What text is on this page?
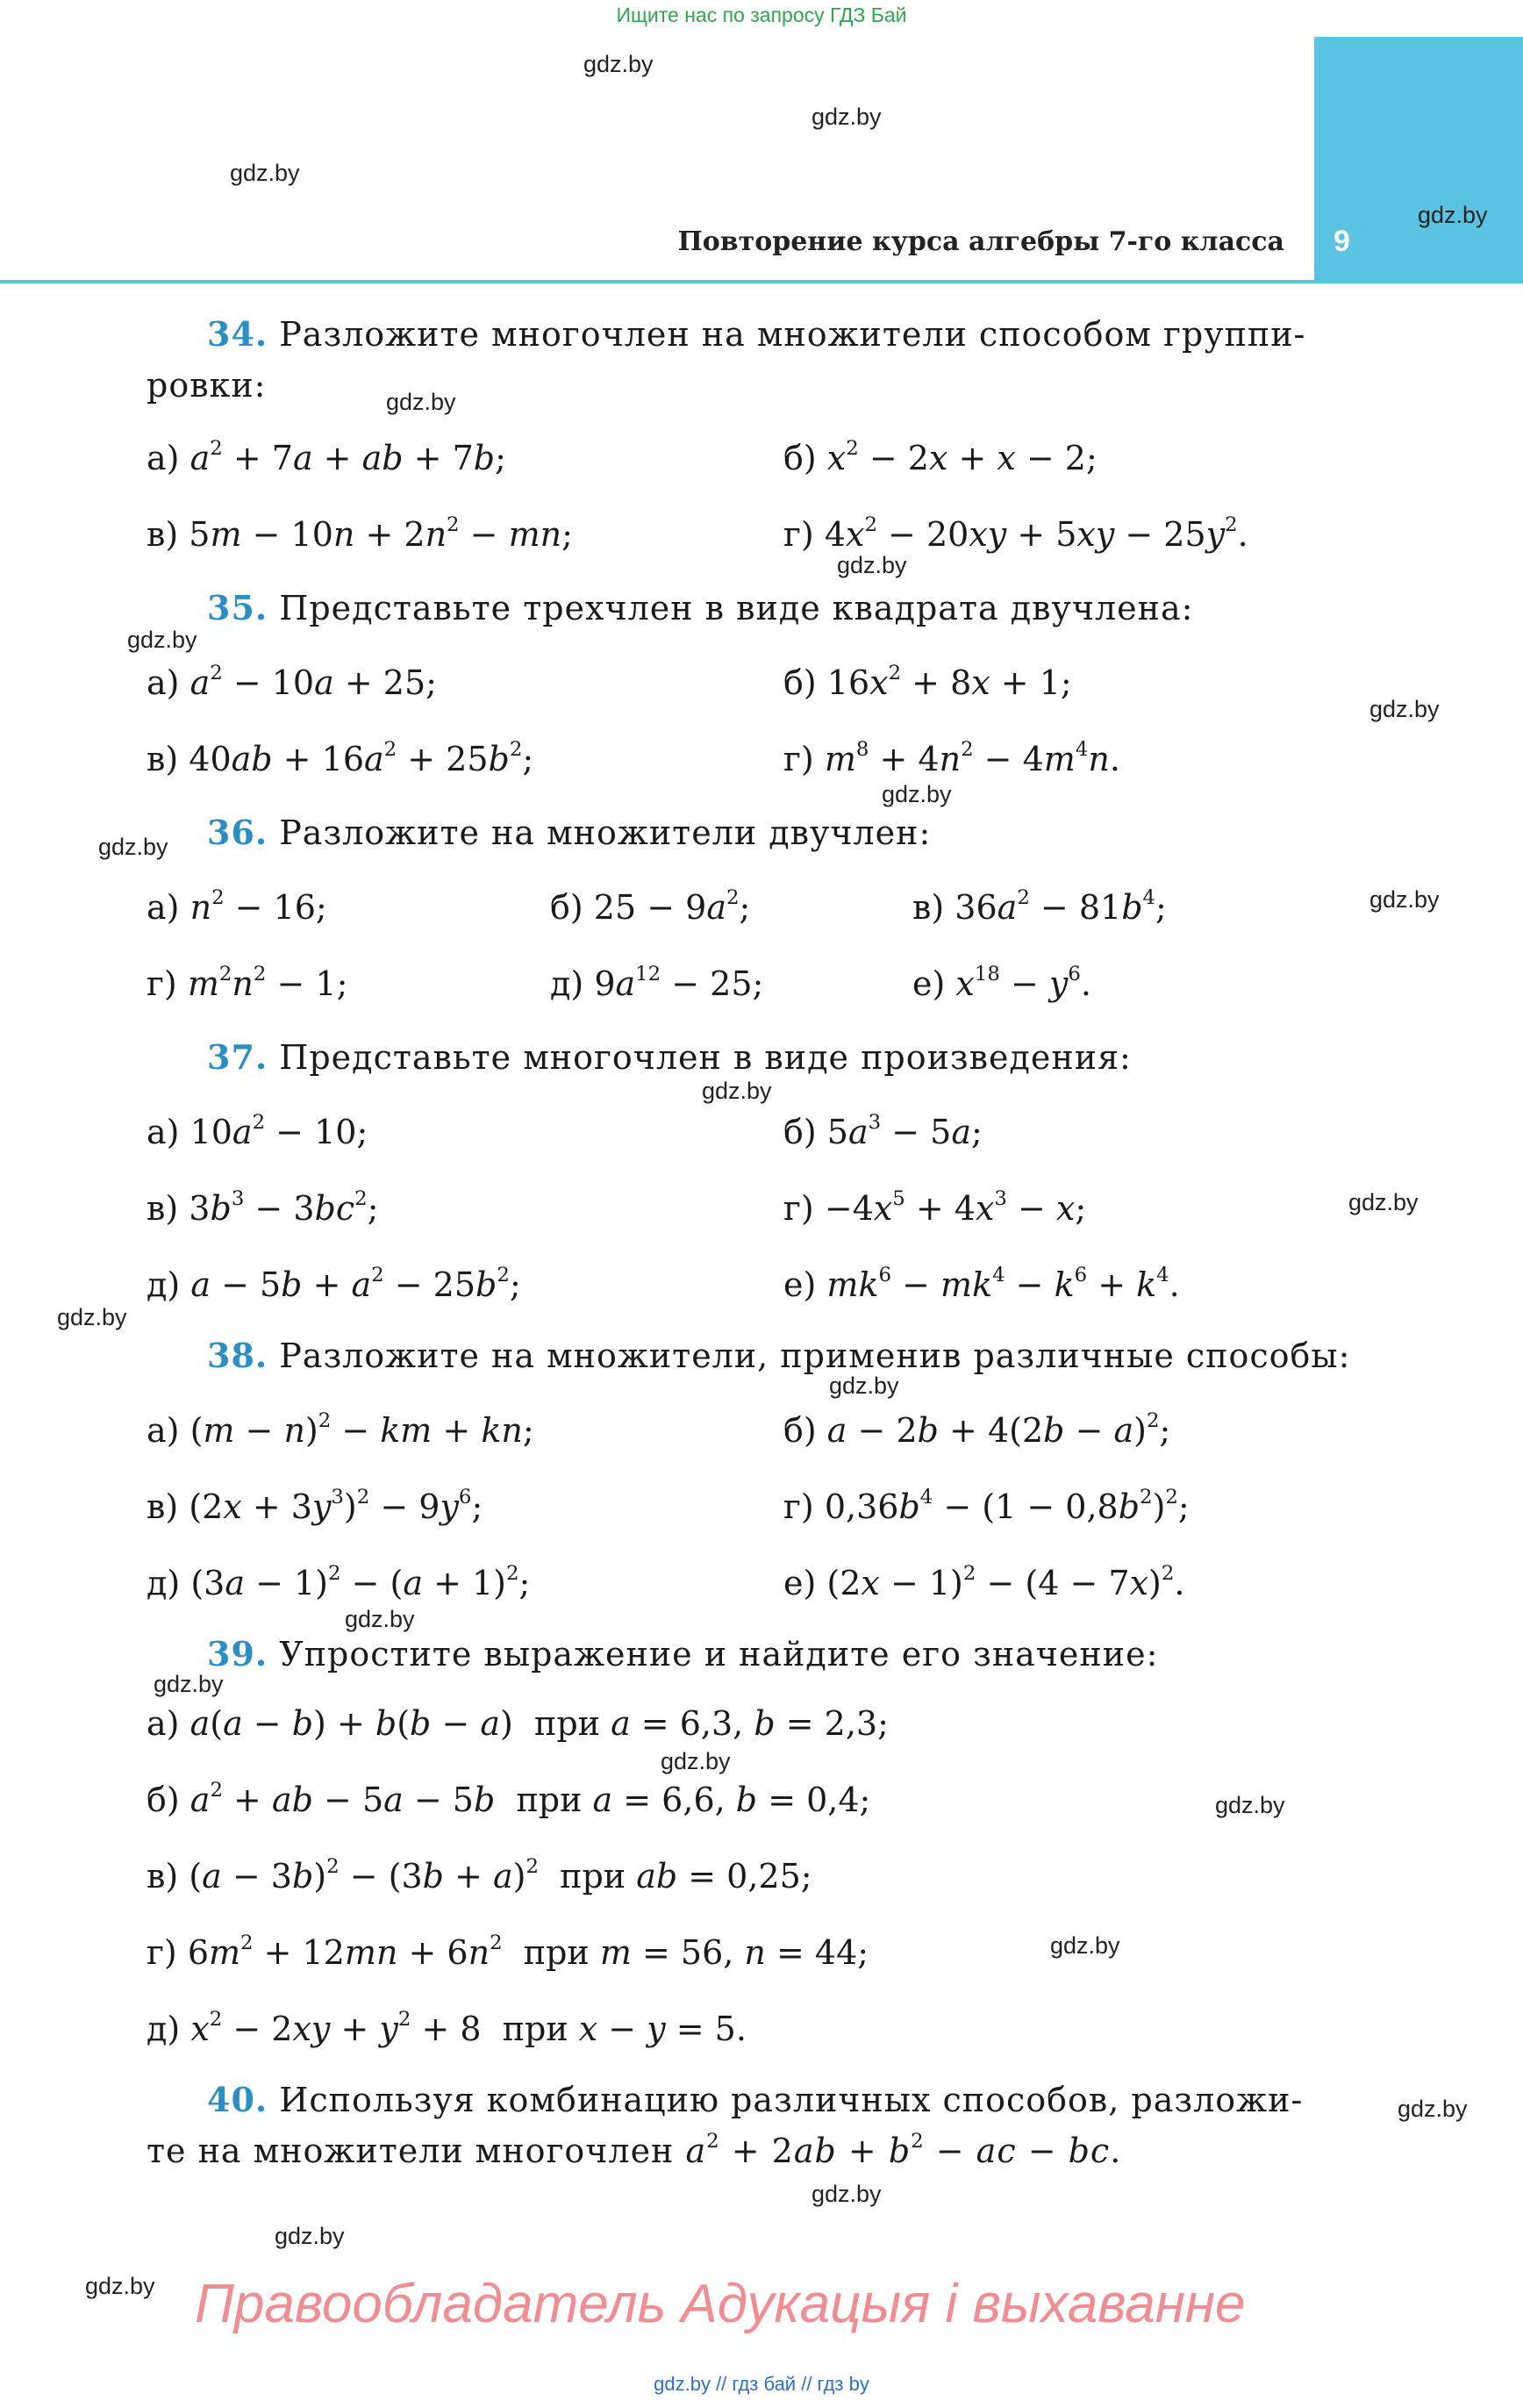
Ищите нас по запросу ГДЗ Бай
9
Повторение курса алгебры 7-го класса
gdz.by
gdz.by
gdz.by
gdz.by
gdz.by
gdz.by
gdz.by
gdz.by
gdz.by
gdz.by
gdz.by
gdz.by
gdz.by
gdz.by
gdz.by
gdz.by
gdz.by
gdz.by
gdz.by
gdz.by
gdz.by
gdz.by
gdz.by
gdz.by
34. Разложите многочлен на множители способом группи-
ровки:
а) $a^2 + 7a$ + ab + 7b;	б) $x^2 - 2x + x - 2$;
в) $5m - 10n + 2n^2$ − mn;	г) $4x^2 - 20xy + 5xy - 25y^2$.
35. Представьте трехчлен в виде квадрата двучлена:
а) $a^2 - 10a + 25$;	б) $16x^2 + 8x + 1$;
в) $40ab + 16a^2 + 25b^2$;	г) $m^8 + 4n^2 - 4m^4n$.
36. Разложите на множители двучлен:
а) $n^2 - 16$;	б) $25 - 9a^2$;	в) $36a^2 - 81b^4$;
г) $m^2n^2 - 1$;	д) $9a^{12} - 25$;	е) $x^{18} - y^6$.
37. Представьте многочлен в виде произведения:
а) $10a^2 - 10$;	б) $5a^3 - 5a$;
в) $3b^3 - 3bc^2$;	$г) -4x^5 + 4x^3 - x$;
д) $a - 5b + a^2 - 25b^2$;	е) $mk^6 - mk^4 - k^6 + k^4$.
38. Разложите на множители, применив различные способы:
а) $(m - n)^2$ − km + kn;	б) $a - 2b + 4(2b - a)^2$;
в) $(2x + 3y^3)^2 - 9y^6$;	г) $0,36b^4 - (1 - 0,8b^2)^2$;
д) $(3a - 1)^2 - (a + 1)^2$;	е) $(2x - 1)^2 - (4 - 7x)^2$.
39. Упростите выражение и найдите его значение:
а) a(a − b) + b(b − a)  при a = 6,3, b = 2,3;
б) $a^2$ + ab − 5a − 5b  при a = 6,6, b = 0,4;
в) $(a - 3b)^2 - (3b + a)^2$  при ab = 0,25;
г) $6m^2 + 12mn + 6n^2$  при m = 56, n = 44;
д) $x^2 - 2xy + y^2 + 8$  при x − y = 5.
40. Используя комбинацию различных способов, разложи-
те на множители многочлен $a^2 + 2ab + b^2$ − ac − bc.
Правообладатель Адукацыя і выхаванне
gdz.by // гдз бай // гдз by
